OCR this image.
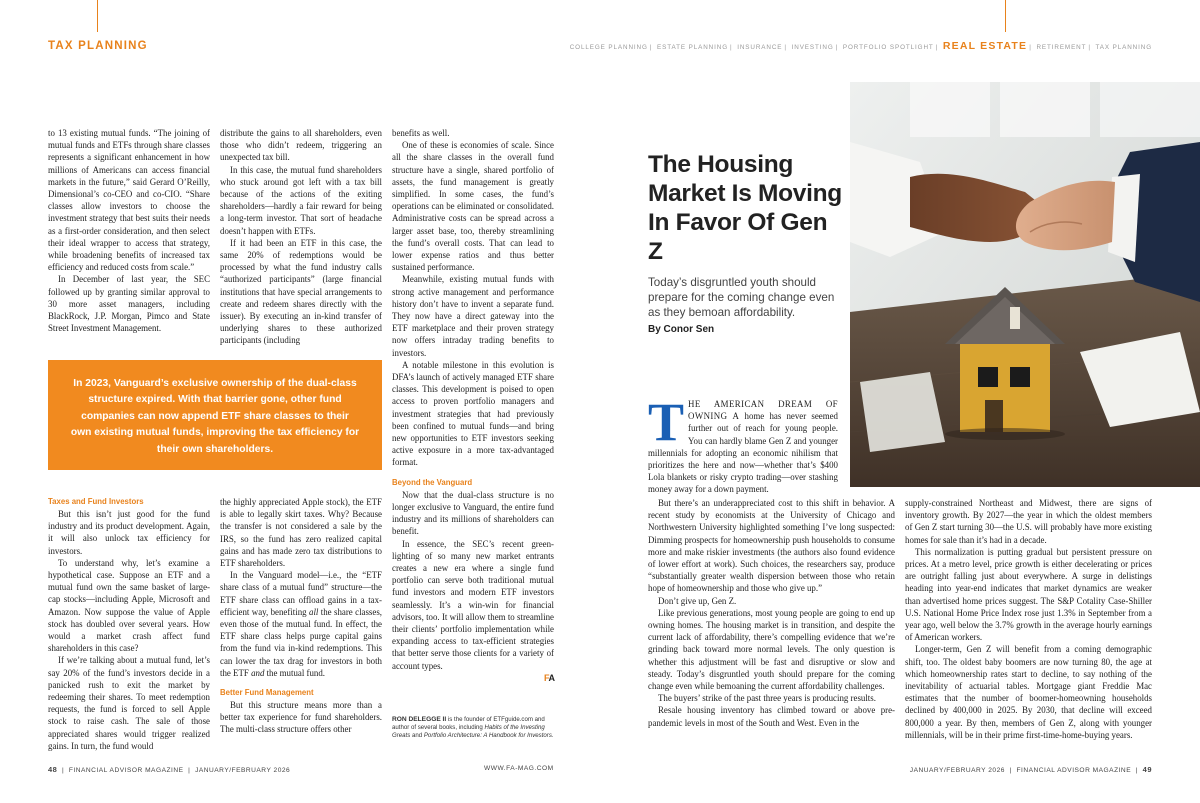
TAX PLANNING	COLLEGE PLANNING | ESTATE PLANNING | INSURANCE | INVESTING | PORTFOLIO SPOTLIGHT | REAL ESTATE | RETIREMENT | TAX PLANNING

to 13 existing mutual funds. “The joining of mutual funds and ETFs through share classes represents a significant enhancement in how millions of Americans can access financial markets in the future,” said Gerard O’Reilly, Dimensional’s co-CEO and co-CIO. “Share classes allow investors to choose the investment strategy that best suits their needs as a first-order consideration, and then select their ideal wrapper to access that strategy, while broadening benefits of increased tax efficiency and reduced costs from scale.”

In December of last year, the SEC followed up by granting similar approval to 30 more asset managers, including BlackRock, J.P. Morgan, Pimco and State Street Investment Management.

distribute the gains to all shareholders, even those who didn’t redeem, triggering an unexpected tax bill.

In this case, the mutual fund shareholders who stuck around got left with a tax bill because of the actions of the exiting shareholders—hardly a fair reward for being a long-term investor. That sort of headache doesn’t happen with ETFs.

If it had been an ETF in this case, the same 20% of redemptions would be processed by what the fund industry calls “authorized participants” (large financial institutions that have special arrangements to create and redeem shares directly with the issuer). By executing an in-kind transfer of underlying shares to these authorized participants (including

benefits as well.

One of these is economies of scale. Since all the share classes in the overall fund structure have a single, shared portfolio of assets, the fund management is greatly simplified. In some cases, the fund’s operations can be eliminated or consolidated. Administrative costs can be spread across a larger asset base, too, thereby streamlining the fund’s overall costs. That can lead to lower expense ratios and thus better sustained performance.

Meanwhile, existing mutual funds with strong active management and performance history don’t have to invent a separate fund. They now have a direct gateway into the ETF marketplace and their proven strategy now offers intraday trading benefits to investors.

A notable milestone in this evolution is DFA’s launch of actively managed ETF share classes. This development is poised to open access to proven portfolio managers and investment strategies that had previously been confined to mutual funds—and bring new opportunities to ETF investors seeking active exposure in a more tax-advantaged format.

Beyond the Vanguard

Now that the dual-class structure is no longer exclusive to Vanguard, the entire fund industry and its millions of shareholders can benefit.

In essence, the SEC’s recent green-lighting of so many new market entrants creates a new era where a single fund portfolio can serve both traditional mutual fund investors and modern ETF investors seamlessly. It’s a win-win for financial advisors, too. It will allow them to streamline their clients’ portfolio implementation while expanding access to tax-efficient strategies that better serve those clients for a variety of account types.

FA
In 2023, Vanguard’s exclusive ownership of the dual-class structure expired. With that barrier gone, other fund companies can now append ETF share classes to their own existing mutual funds, improving the tax efficiency for their own shareholders.
Taxes and Fund Investors

But this isn’t just good for the fund industry and its product development. Again, it will also unlock tax efficiency for investors.

To understand why, let’s examine a hypothetical case. Suppose an ETF and a mutual fund own the same basket of large-cap stocks—including Apple, Microsoft and Amazon. Now suppose the value of Apple stock has doubled over several years. How would a market crash affect fund shareholders in this case?

If we’re talking about a mutual fund, let’s say 20% of the fund’s investors decide in a panicked rush to exit the market by redeeming their shares. To meet redemption requests, the fund is forced to sell Apple stock to raise cash. The sale of those appreciated shares would trigger realized gains. In turn, the fund would

the highly appreciated Apple stock), the ETF is able to legally skirt taxes. Why? Because the transfer is not considered a sale by the IRS, so the fund has zero realized capital gains and has made zero tax distributions to ETF shareholders.

In the Vanguard model—i.e., the “ETF share class of a mutual fund” structure—the ETF share class can offload gains in a tax-efficient way, benefiting all the share classes, even those of the mutual fund. In effect, the ETF share class helps purge capital gains from the fund via in-kind redemptions. This can lower the tax drag for investors in both the ETF and the mutual fund.

Better Fund Management

But this structure means more than a better tax experience for fund shareholders. The multi-class structure offers other

RON DELEGGE II is the founder of ETFguide.com and author of several books, including Habits of the Investing Greats and Portfolio Architecture: A Handbook for Investors.
48  |  FINANCIAL ADVISOR MAGAZINE  |  JANUARY/FEBRUARY 2026	WWW.FA-MAG.COM
The Housing Market Is Moving In Favor Of Gen Z
Today’s disgruntled youth should prepare for the coming change even as they bemoan affordability.
By Conor Sen

THE AMERICAN DREAM OF OWNING A home has never seemed further out of reach for young people. You can hardly blame Gen Z and younger millennials for adopting an economic nihilism that prioritizes the here and now—whether that’s $400 Lola blankets or risky crypto trading—over stashing money away for a down payment.

But there’s an underappreciated cost to this shift in behavior. A recent study by economists at the University of Chicago and Northwestern University highlighted something I’ve long suspected: Dimming prospects for homeownership push households to consume more and make riskier investments (the authors also found evidence of lower effort at work). Such choices, the researchers say, produce “substantially greater wealth dispersion between those who retain hope of homeownership and those who give up.”

Don’t give up, Gen Z.

Like previous generations, most young people are going to end up owning homes. The housing market is in transition, and despite the current lack of affordability, there’s compelling evidence that we’re grinding back toward more normal levels. The only question is whether this adjustment will be fast and disruptive or slow and steady. Today’s disgruntled youth should prepare for the coming change even while bemoaning the current affordability challenges.

The buyers’ strike of the past three years is producing results.

Resale housing inventory has climbed toward or above pre-pandemic levels in most of the South and West. Even in the

supply-constrained Northeast and Midwest, there are signs of inventory growth. By 2027—the year in which the oldest members of Gen Z start turning 30—the U.S. will probably have more existing homes for sale than it’s had in a decade.

This normalization is putting gradual but persistent pressure on prices. At a metro level, price growth is either decelerating or prices are outright falling just about everywhere. A surge in delistings heading into year-end indicates that market dynamics are weaker than advertised home prices suggest. The S&P Cotality Case-Shiller U.S. National Home Price Index rose just 1.3% in September from a year ago, well below the 3.7% growth in the average hourly earnings of American workers.

Longer-term, Gen Z will benefit from a coming demographic shift, too. The oldest baby boomers are now turning 80, the age at which homeownership rates start to decline, to say nothing of the inevitability of actuarial tables. Mortgage giant Freddie Mac estimates that the number of boomer-homeowning households declined by 400,000 in 2025. By 2030, that decline will exceed 800,000 a year. By then, members of Gen Z, along with younger millennials, will be in their prime first-time-home-buying years.

JANUARY/FEBRUARY 2026  |  FINANCIAL ADVISOR MAGAZINE  |  49
